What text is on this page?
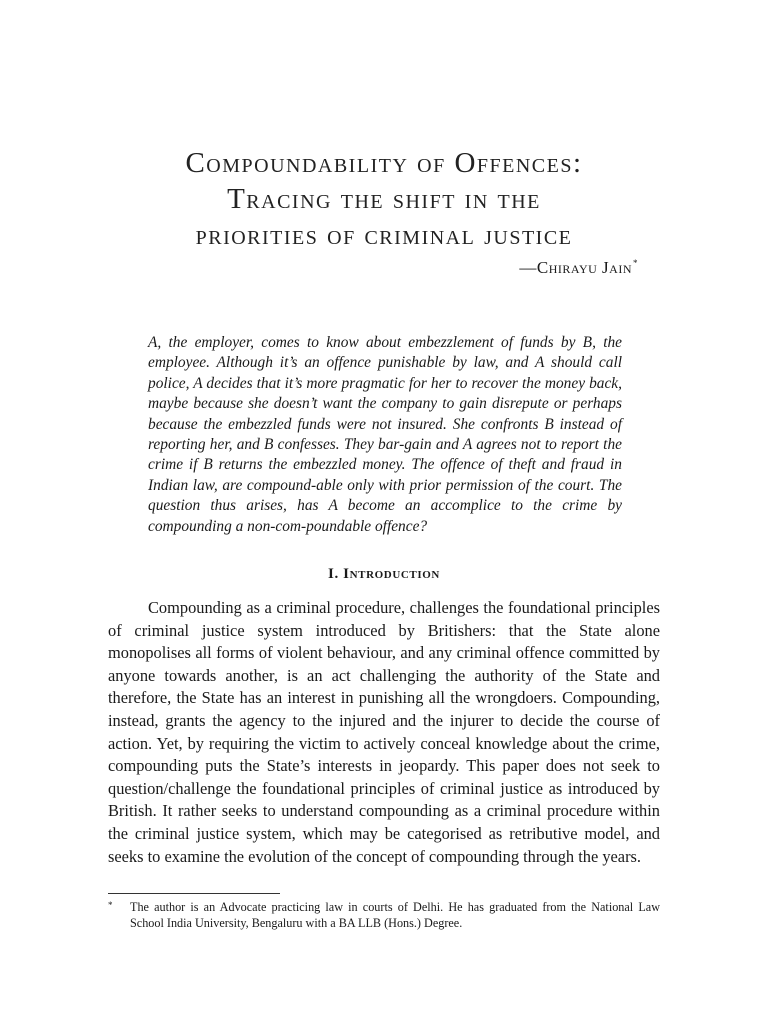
Compoundability of Offences:
Tracing the shift in the
priorities of criminal justice
—Chirayu Jain*
A, the employer, comes to know about embezzlement of funds by B, the employee. Although it’s an offence punishable by law, and A should call police, A decides that it’s more pragmatic for her to recover the money back, maybe because she doesn’t want the company to gain disrepute or perhaps because the embezzled funds were not insured. She confronts B instead of reporting her, and B confesses. They bar-gain and A agrees not to report the crime if B returns the embezzled money. The offence of theft and fraud in Indian law, are compound-able only with prior permission of the court. The question thus arises, has A become an accomplice to the crime by compounding a non-com-poundable offence?
I. Introduction

Compounding as a criminal procedure, challenges the foundational principles of criminal justice system introduced by Britishers: that the State alone monopolises all forms of violent behaviour, and any criminal offence committed by anyone towards another, is an act challenging the authority of the State and therefore, the State has an interest in punishing all the wrongdoers. Compounding, instead, grants the agency to the injured and the injurer to decide the course of action. Yet, by requiring the victim to actively conceal knowledge about the crime, compounding puts the State’s interests in jeopardy. This paper does not seek to question/challenge the foundational principles of criminal justice as introduced by British. It rather seeks to understand compounding as a criminal procedure within the criminal justice system, which may be categorised as retributive model, and seeks to examine the evolution of the concept of compounding through the years.

* The author is an Advocate practicing law in courts of Delhi. He has graduated from the National Law School India University, Bengaluru with a BA LLB (Hons.) Degree.
